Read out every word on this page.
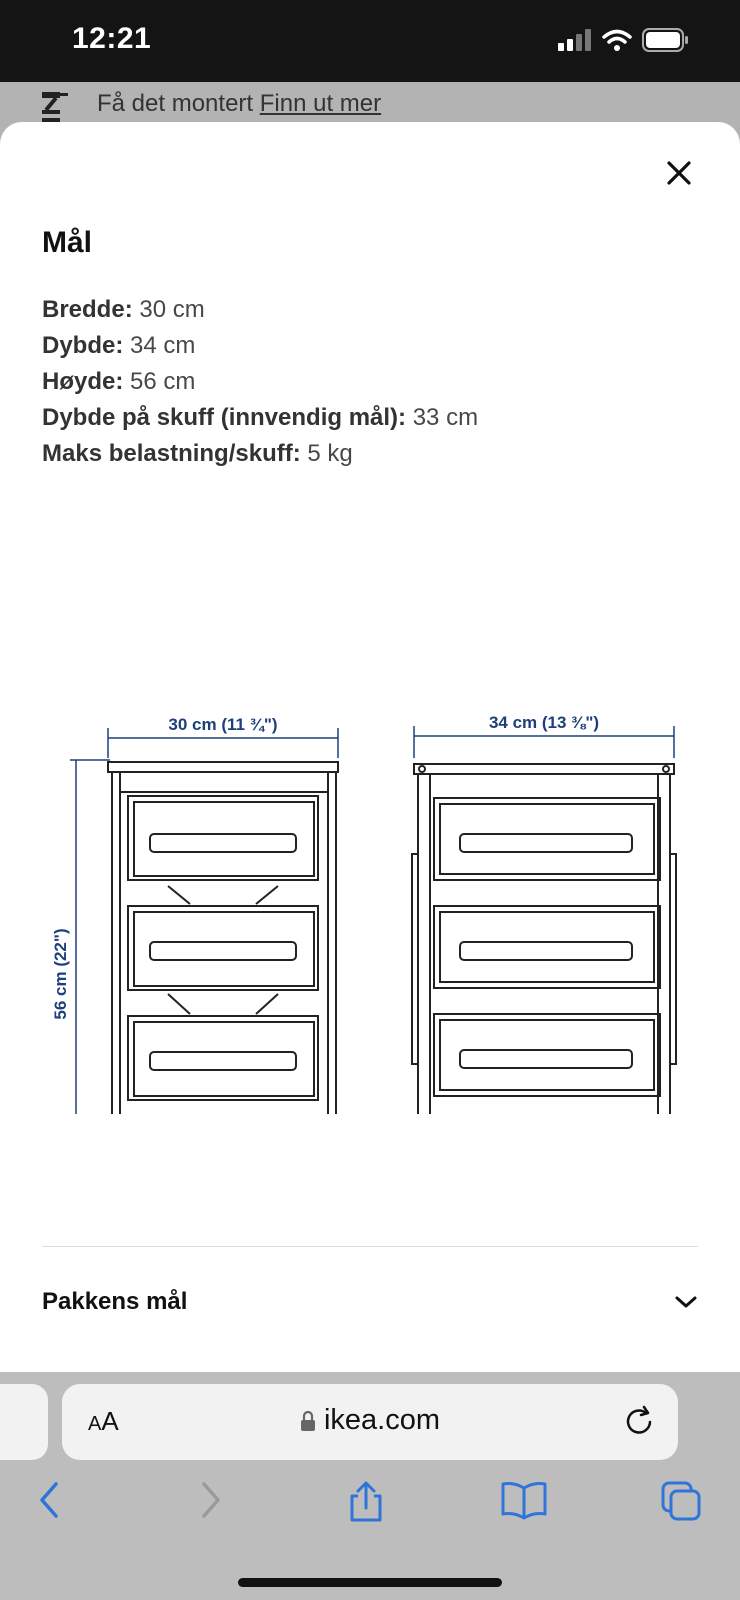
12:21
Få det montert Finn ut mer
Mål
Bredde: 30 cm
Dybde: 34 cm
Høyde: 56 cm
Dybde på skuff (innvendig mål): 33 cm
Maks belastning/skuff: 5 kg
30 cm (11 ¾")	34 cm (13 ⅜")
56 cm (22")
Pakkens mål
AA	ikea.com
